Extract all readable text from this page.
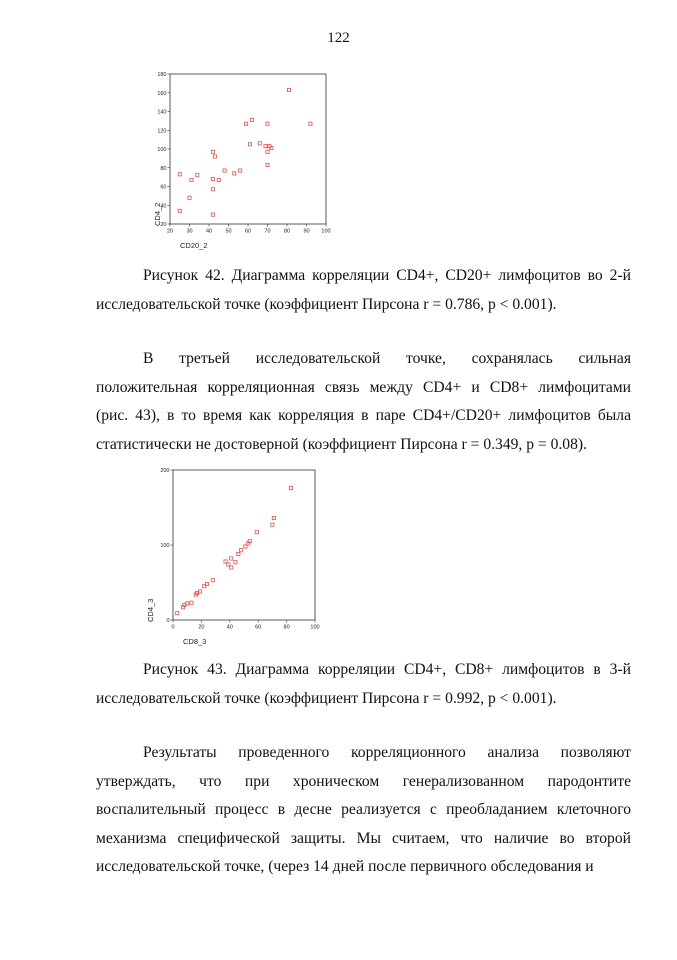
122
20 30 40 50 60 70 80 90 100
20
40
60
80
100
120
140
160
180
CD20_2
CD4_2
Рисунок 42. Диаграмма корреляции CD4+, CD20+ лимфоцитов во 2-й
исследовательской точке (коэффициент Пирсона r = 0.786, p < 0.001).
В третьей исследовательской точке, сохранялась сильная
положительная корреляционная связь между CD4+ и CD8+ лимфоцитами
(рис. 43), в то время как корреляция в паре CD4+/CD20+ лимфоцитов была
статистически не достоверной (коэффициент Пирсона r = 0.349, p = 0.08).
0	20	40	60	80	100
0
100
200
CD8_3
CD4_3
Рисунок 43. Диаграмма корреляции CD4+, CD8+ лимфоцитов в 3-й
исследовательской точке (коэффициент Пирсона r = 0.992, p < 0.001).
Результаты проведенного корреляционного анализа позволяют
утверждать, что при хроническом генерализованном пародонтите
воспалительный процесс в десне реализуется с преобладанием клеточного
механизма специфической защиты. Мы считаем, что наличие во второй
исследовательской точке, (через 14 дней после первичного обследования и
